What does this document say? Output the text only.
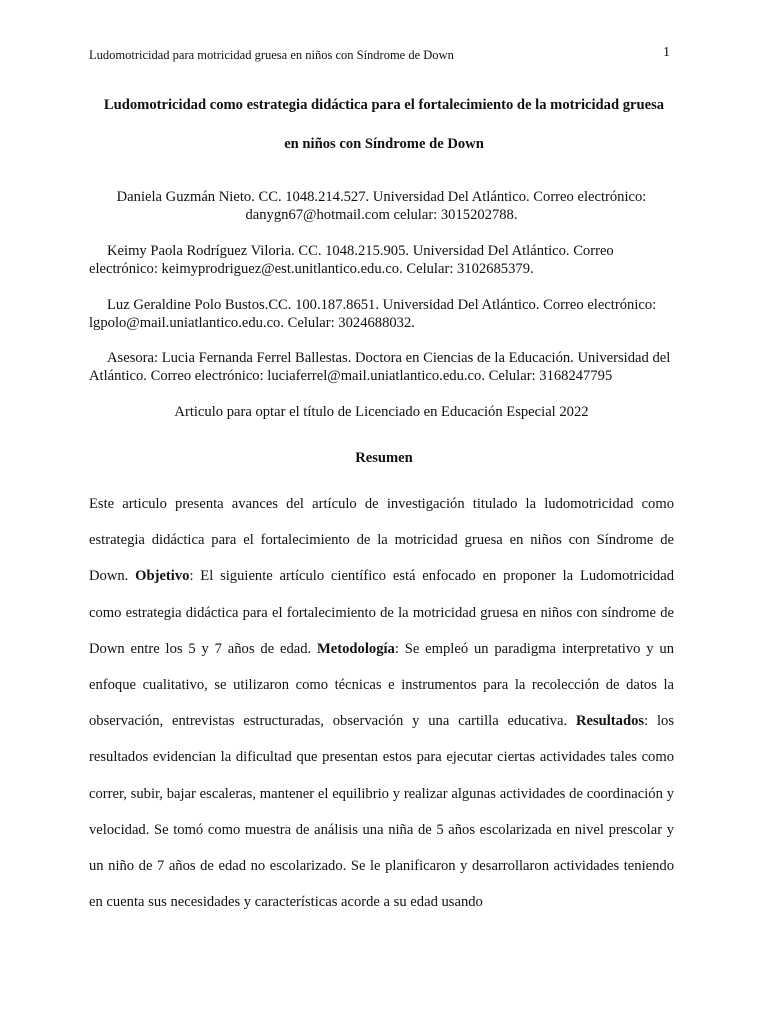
Ludomotricidad para motricidad gruesa en niños con Síndrome de Down	1
Ludomotricidad como estrategia didáctica para el fortalecimiento de la motricidad gruesa
en niños con Síndrome de Down
Daniela Guzmán Nieto. CC. 1048.214.527. Universidad Del Atlántico. Correo electrónico: danygn67@hotmail.com celular: 3015202788.
Keimy Paola Rodríguez Viloria. CC. 1048.215.905. Universidad Del Atlántico. Correo electrónico: keimyprodriguez@est.unitlantico.edu.co. Celular: 3102685379.
Luz Geraldine Polo Bustos.CC. 100.187.8651. Universidad Del Atlántico. Correo electrónico: lgpolo@mail.uniatlantico.edu.co. Celular: 3024688032.
Asesora: Lucia Fernanda Ferrel Ballestas. Doctora en Ciencias de la Educación. Universidad del Atlántico. Correo electrónico: luciaferrel@mail.uniatlantico.edu.co. Celular: 3168247795
Articulo para optar el título de Licenciado en Educación Especial 2022
Resumen

Este articulo presenta avances del artículo de investigación titulado la ludomotricidad como estrategia didáctica para el fortalecimiento de la motricidad gruesa en niños con Síndrome de Down. Objetivo: El siguiente artículo científico está enfocado en proponer la Ludomotricidad como estrategia didáctica para el fortalecimiento de la motricidad gruesa en niños con síndrome de Down entre los 5 y 7 años de edad. Metodología: Se empleó un paradigma interpretativo y un enfoque cualitativo, se utilizaron como técnicas e instrumentos para la recolección de datos la observación, entrevistas estructuradas, observación y una cartilla educativa. Resultados: los resultados evidencian la dificultad que presentan estos para ejecutar ciertas actividades tales como correr, subir, bajar escaleras, mantener el equilibrio y realizar algunas actividades de coordinación y velocidad. Se tomó como muestra de análisis una niña de 5 años escolarizada en nivel prescolar y un niño de 7 años de edad no escolarizado. Se le planificaron y desarrollaron actividades teniendo en cuenta sus necesidades y características acorde a su edad usando
